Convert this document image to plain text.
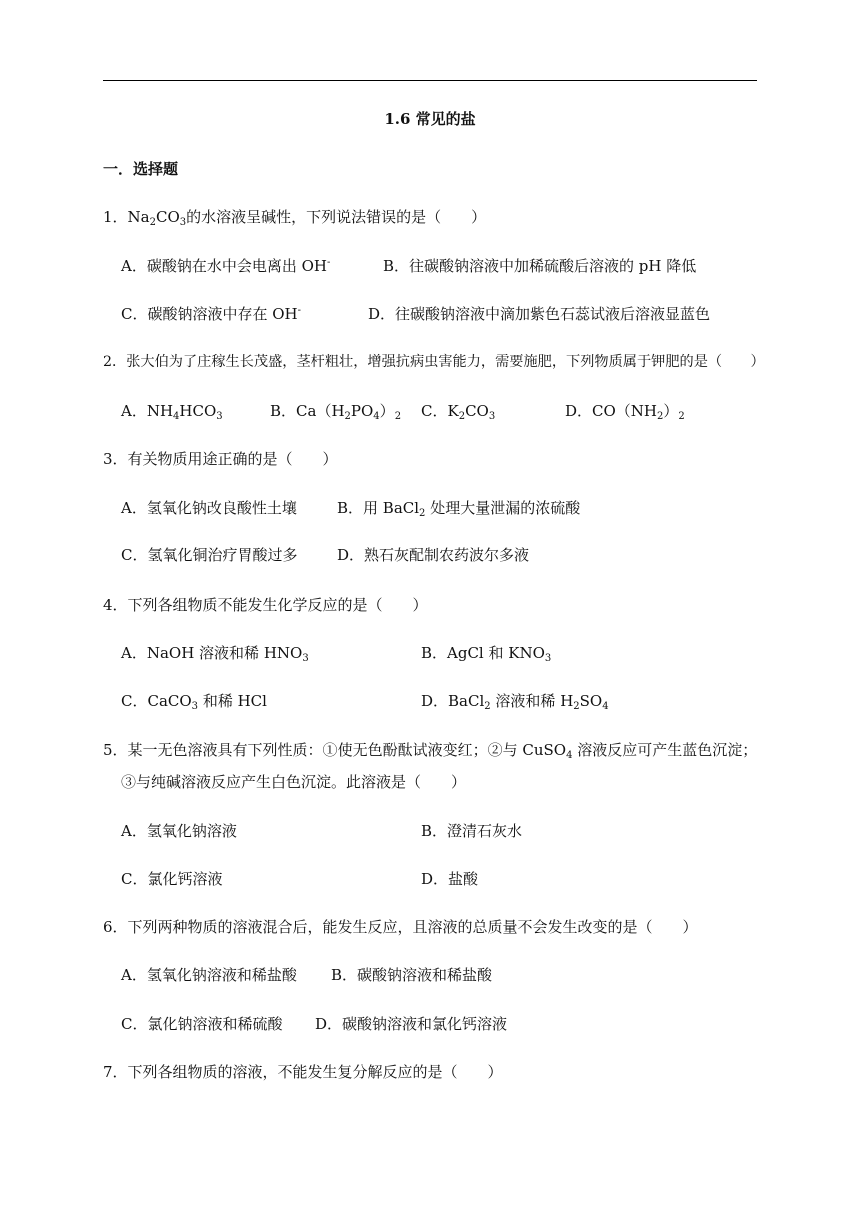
1.6 常见的盐
一．选择题
1．$Na_2CO_3$的水溶液呈碱性，下列说法错误的是（　　）
A．碳酸钠在水中会电离出 OH-	B．往碳酸钠溶液中加稀硫酸后溶液的 pH 降低
C．碳酸钠溶液中存在 OH-	D．往碳酸钠溶液中滴加紫色石蕊试液后溶液显蓝色
2．张大伯为了庄稼生长茂盛，茎杆粗壮，增强抗病虫害能力，需要施肥，下列物质属于钾肥的是（　　）
A．$NH_4HCO_3$	B．$Ca(H_2PO_4)_2$ C．$K_2CO_3$	D．$CO(NH_2)_2$
3．有关物质用途正确的是（　　）
A．氢氧化钠改良酸性土壤	B．用 BaCl$_2$ 处理大量泄漏的浓硫酸
C．氢氧化铜治疗胃酸过多	D．熟石灰配制农药波尔多液
4．下列各组物质不能发生化学反应的是（　　）
A．NaOH 溶液和稀 $HNO_3$	B．AgCl 和 $KNO_3$
C．CaCO$_3$ 和稀 HCl	D．BaCl$_2$ 溶液和稀 $H_2SO_4$
5．某一无色溶液具有下列性质：①使无色酚酞试液变红；②与 CuSO$_4$ 溶液反应可产生蓝色沉淀；
③与纯碱溶液反应产生白色沉淀。此溶液是（　　）
A．氢氧化钠溶液	B．澄清石灰水
C．氯化钙溶液	D．盐酸
6．下列两种物质的溶液混合后，能发生反应，且溶液的总质量不会发生改变的是（　　）
A．氢氧化钠溶液和稀盐酸 B．碳酸钠溶液和稀盐酸
C．氯化钠溶液和稀硫酸 D．碳酸钠溶液和氯化钙溶液
7．下列各组物质的溶液，不能发生复分解反应的是（　　）
